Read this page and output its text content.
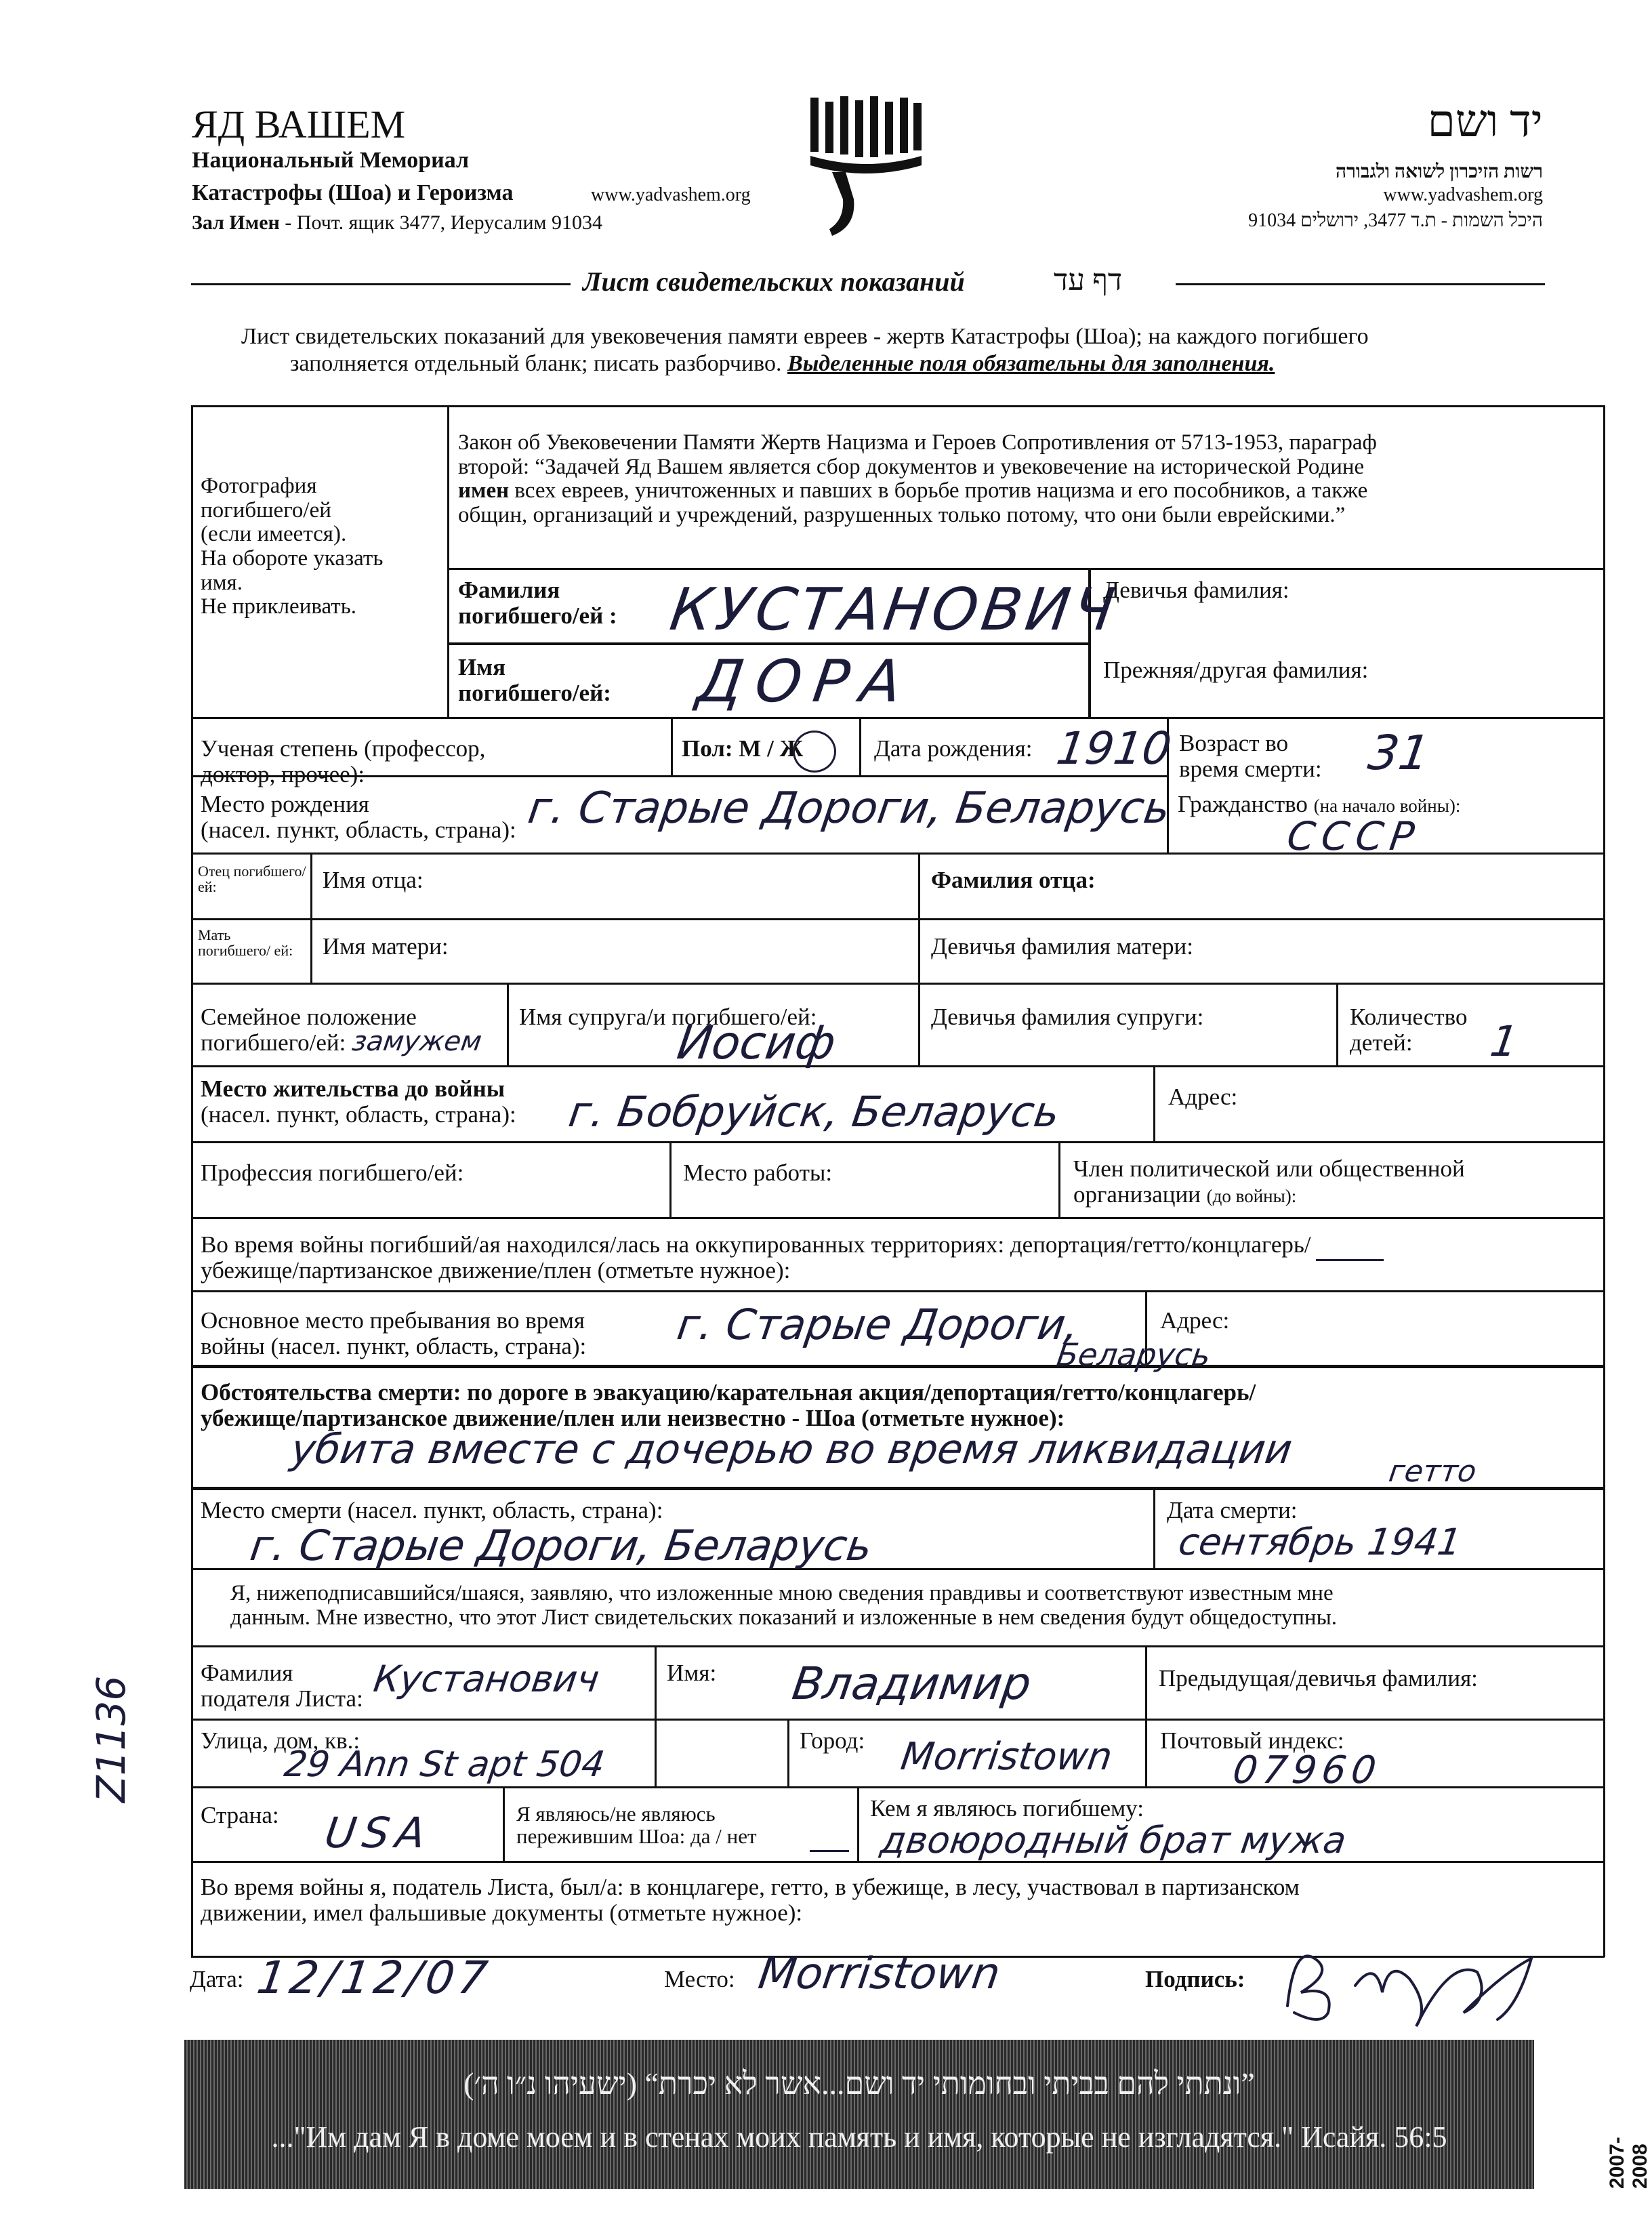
ЯД ВАШЕМ
Национальный Мемориал
Катастрофы (Шоа) и Героизма	www.yadvashem.org
Зал Имен - Почт. ящик 3477, Иерусалим 91034
יד ושם
רשות הזיכרון לשואה ולגבורה
www.yadvashem.org
היכל השמות - ת.ד 3477, ירושלים 91034
Лист свидетельских показаний	דף עד
Лист свидетельских показаний для увековечения памяти евреев - жертв Катастрофы (Шоа); на каждого погибшего
заполняется отдельный бланк; писать разборчиво. Выделенные поля обязательны для заполнения.
Фотография
погибшего/ей
(если имеется).
На обороте указать
имя.
Не приклеивать.
Закон об Увековечении Памяти Жертв Нацизма и Героев Сопротивления от 5713-1953, параграф
второй: “Задачей Яд Вашем является сбор документов и увековечение на исторической Родине
имен всех евреев, уничтоженных и павших в борьбе против нацизма и его пособников, а также
общин, организаций и учреждений, разрушенных только потому, что они были еврейскими.”
Фамилия
погибшего/ей : КУСТАНОВИЧ
Девичья фамилия:
Имя
погибшего/ей: ДОРА	Прежняя/другая фамилия:
Ученая степень (профессор,
доктор, прочее):
Пол: М / Ж	Дата рождения: 1910 Возраст во
время смерти: 31
Место рождения
(насел. пункт, область, страна): г. Старые Дороги, Беларусь Гражданство (на начало войны):
СССР
Отец погибшего/ ей:	Имя отца:	Фамилия отца:
Мать погибшего/ ей:	Имя матери:	Девичья фамилия матери:
Семейное положение
погибшего/ей: замужем
Имя супруга/и погибшего/ей:
Иосиф	Девичья фамилия супруги:	Количество
детей:	1
Место жительства до войны
(насел. пункт, область, страна): г. Бобруйск, Беларусь	Адрес:
Профессия погибшего/ей:	Место работы:	Член политической или общественной
организации (до войны):
Во время войны погибший/ая находился/лась на оккупированных территориях: депортация/гетто/концлагерь/
убежище/партизанское движение/плен (отметьте нужное):
Основное место пребывания во время
войны (насел. пункт, область, страна): г. Старые Дороги,
Беларусь
Адрес:
Обстоятельства смерти: по дороге в эвакуацию/карательная акция/депортация/гетто/концлагерь/
убежище/партизанское движение/плен или неизвестно - Шоа (отметьте нужное):
убита вместе с дочерью во время ликвидации	гетто
Место смерти (насел. пункт, область, страна):
г. Старые Дороги, Беларусь
Дата смерти:
сентябрь 1941
Я, нижеподписавшийся/шаяся, заявляю, что изложенные мною сведения правдивы и соответствуют известным мне
данным. Мне известно, что этот Лист свидетельских показаний и изложенные в нем сведения будут общедоступны.
Фамилия
подателя Листа: Кустанович	Имя: Владимир	Предыдущая/девичья фамилия:
Улица, дом, кв.:
29 Ann St apt 504
Город: Morristown Почтовый индекс:
07960
Страна: USA	Я являюсь/не являюсь
пережившим Шоа: да / нет
Кем я являюсь погибшему:
двоюродный брат мужа
Во время войны я, податель Листа, был/а: в концлагере, гетто, в убежище, в лесу, участвовал в партизанском
движении, имел фальшивые документы (отметьте нужное):
Дата: 12/12/07	Место: Morristown	Подпись:
Z1136
”ונתתי להם בביתי ובחומותי יד ושם...אשר לא יכרת“ (ישעיהו נ״ו ה׳)
..."Им дам Я в доме моем и в стенах моих память и имя, которые не изгладятся." Исайя. 56:5	2007-2008
